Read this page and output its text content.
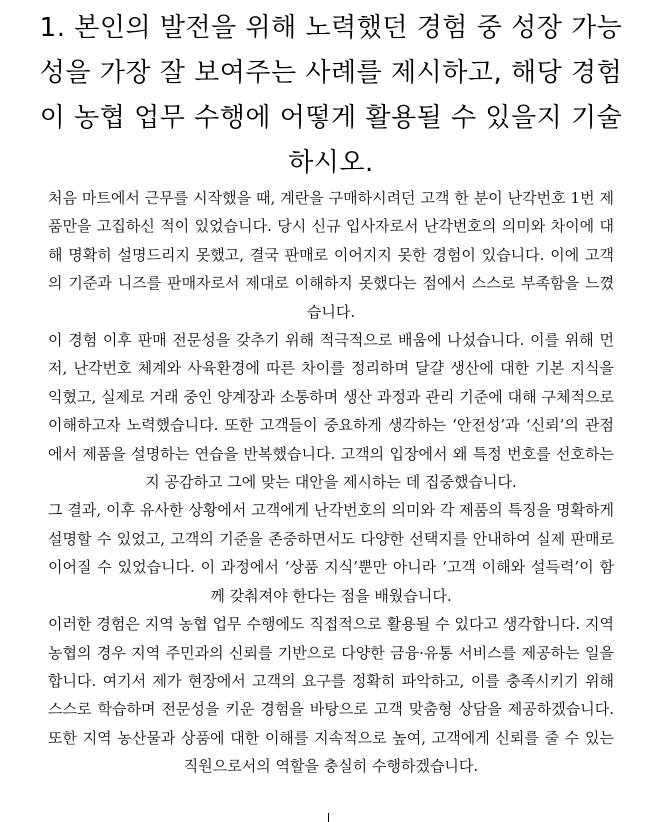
1. 본인의 발전을 위해 노력했던 경험 중 성장 가능성을 가장 잘 보여주는 사례를 제시하고, 해당 경험이 농협 업무 수행에 어떻게 활용될 수 있을지 기술하시오.

처음 마트에서 근무를 시작했을 때, 계란을 구매하시려던 고객 한 분이 난각번호 1번 제품만을 고집하신 적이 있었습니다. 당시 신규 입사자로서 난각번호의 의미와 차이에 대해 명확히 설명드리지 못했고, 결국 판매로 이어지지 못한 경험이 있습니다. 이에 고객의 기준과 니즈를 판매자로서 제대로 이해하지 못했다는 점에서 스스로 부족함을 느꼈습니다.

이 경험 이후 판매 전문성을 갖추기 위해 적극적으로 배움에 나섰습니다. 이를 위해 먼저, 난각번호 체계와 사육환경에 따른 차이를 정리하며 달걀 생산에 대한 기본 지식을 익혔고, 실제로 거래 중인 양계장과 소통하며 생산 과정과 관리 기준에 대해 구체적으로 이해하고자 노력했습니다. 또한 고객들이 중요하게 생각하는 ‘안전성’과 ‘신뢰’의 관점에서 제품을 설명하는 연습을 반복했습니다. 고객의 입장에서 왜 특정 번호를 선호하는지 공감하고 그에 맞는 대안을 제시하는 데 집중했습니다.

그 결과, 이후 유사한 상황에서 고객에게 난각번호의 의미와 각 제품의 특징을 명확하게 설명할 수 있었고, 고객의 기준을 존중하면서도 다양한 선택지를 안내하여 실제 판매로 이어질 수 있었습니다. 이 과정에서 ‘상품 지식’뿐만 아니라 ‘고객 이해와 설득력’이 함께 갖춰져야 한다는 점을 배웠습니다.

이러한 경험은 지역 농협 업무 수행에도 직접적으로 활용될 수 있다고 생각합니다. 지역 농협의 경우 지역 주민과의 신뢰를 기반으로 다양한 금융·유통 서비스를 제공하는 일을 합니다. 여기서 제가 현장에서 고객의 요구를 정확히 파악하고, 이를 충족시키기 위해 스스로 학습하며 전문성을 키운 경험을 바탕으로 고객 맞춤형 상담을 제공하겠습니다. 또한 지역 농산물과 상품에 대한 이해를 지속적으로 높여, 고객에게 신뢰를 줄 수 있는 직원으로서의 역할을 충실히 수행하겠습니다.
